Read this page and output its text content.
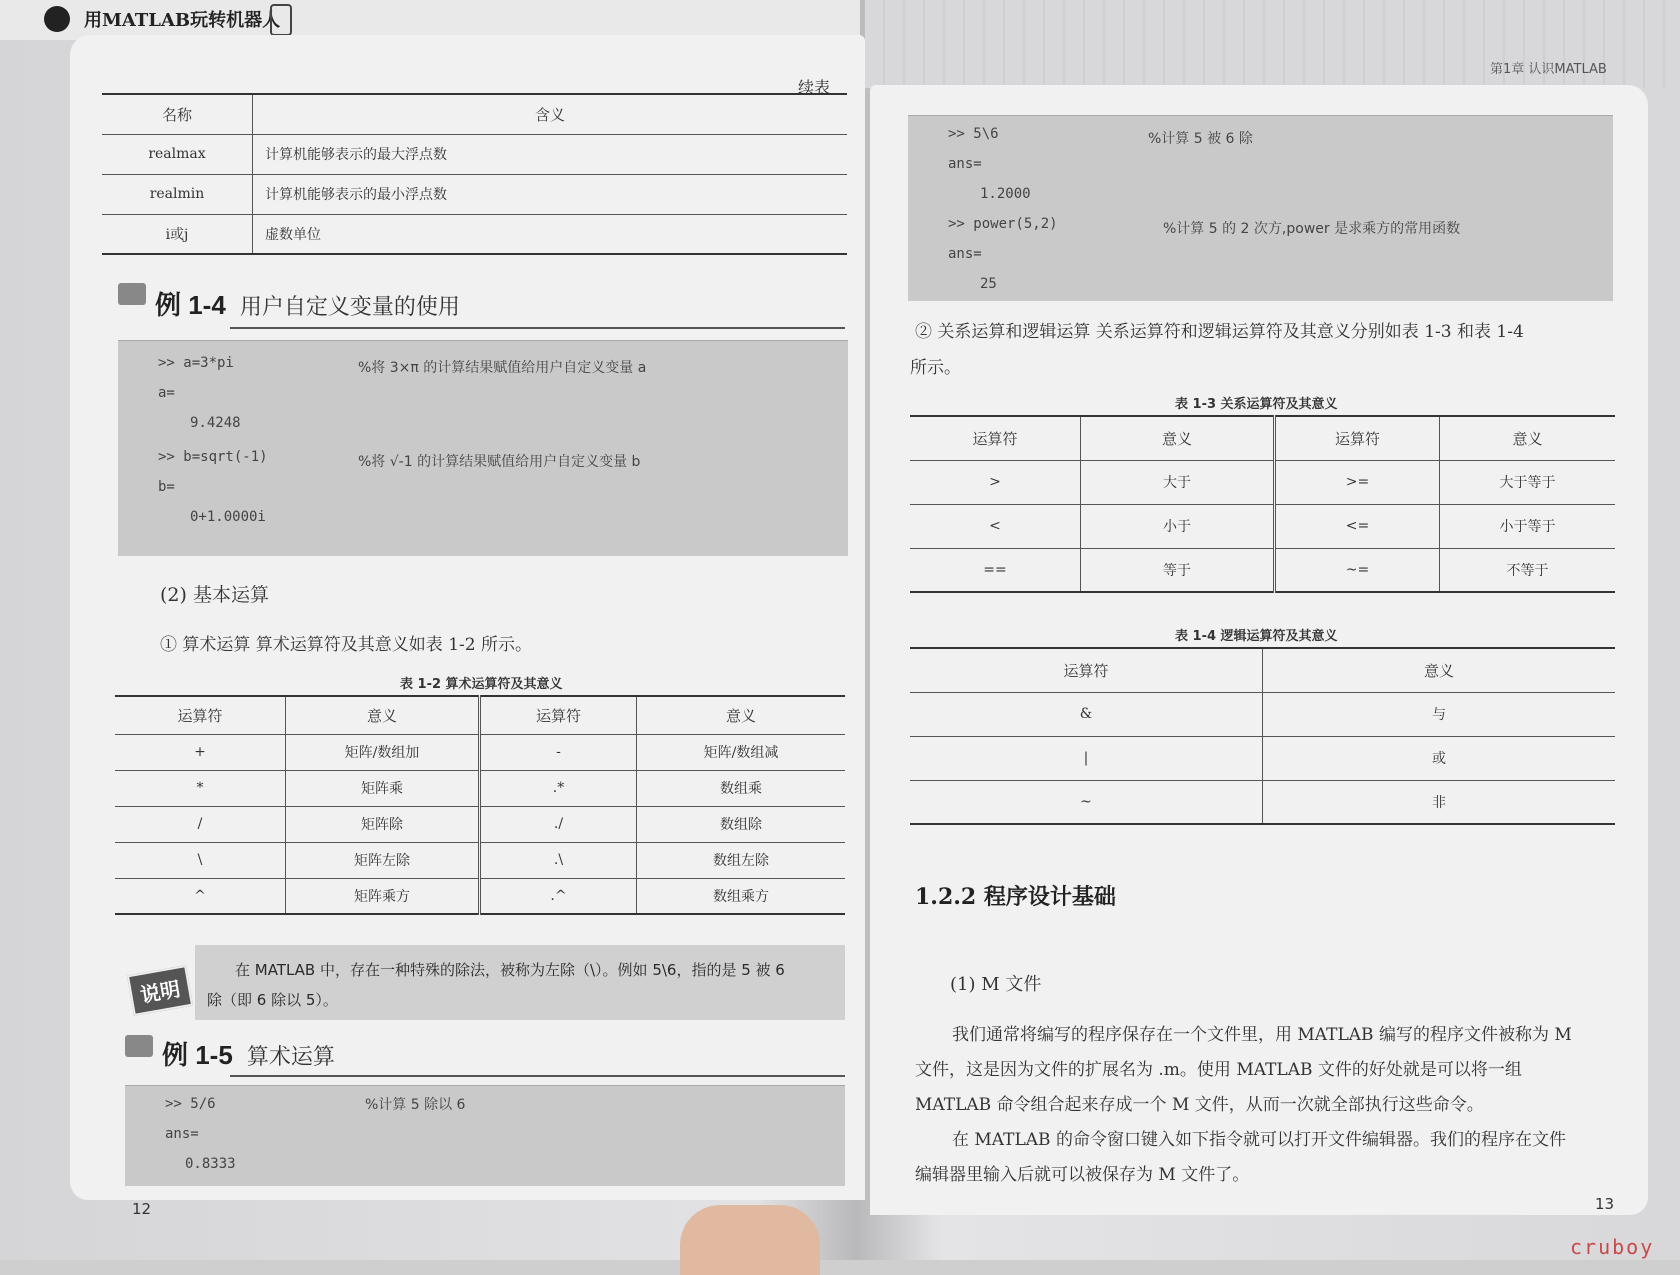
用MATLAB玩转机器人
第1章 认识MATLAB
续表
名称	含义
realmax	计算机能够表示的最大浮点数
realmin	计算机能够表示的最小浮点数
i或j	虚数单位
例 1-4 用户自定义变量的使用
>> a=3*pi	%将 3×π 的计算结果赋值给用户自定义变量 a
a=
9.4248
>> b=sqrt(-1)	%将 √-1 的计算结果赋值给用户自定义变量 b
b=
0+1.0000i
(2) 基本运算
① 算术运算 算术运算符及其意义如表 1-2 所示。
表 1-2 算术运算符及其意义
运算符	意义	运算符	意义
+	矩阵/数组加	-	矩阵/数组减
*	矩阵乘	.*	数组乘
/	矩阵除	./	数组除
\	矩阵左除	.\	数组左除
^	矩阵乘方	.^	数组乘方
在 MATLAB 中，存在一种特殊的除法，被称为左除（\）。例如 5\6，指的是 5 被 6
除（即 6 除以 5）。
说明
例 1-5 算术运算
>> 5/6	%计算 5 除以 6
ans=
0.8333
12
>> 5\6	%计算 5 被 6 除
ans=
1.2000
>> power(5,2)	%计算 5 的 2 次方,power 是求乘方的常用函数
ans=
25
② 关系运算和逻辑运算 关系运算符和逻辑运算符及其意义分别如表 1-3 和表 1-4
所示。
表 1-3 关系运算符及其意义
运算符	意义	运算符	意义
>	大于	>=	大于等于
<	小于	<=	小于等于
==	等于	~=	不等于
表 1-4 逻辑运算符及其意义
运算符	意义
&	与
|	或
~	非
1.2.2 程序设计基础
(1) M 文件
我们通常将编写的程序保存在一个文件里，用 MATLAB 编写的程序文件被称为 M
文件，这是因为文件的扩展名为 .m。使用 MATLAB 文件的好处就是可以将一组
MATLAB 命令组合起来存成一个 M 文件，从而一次就全部执行这些命令。
在 MATLAB 的命令窗口键入如下指令就可以打开文件编辑器。我们的程序在文件
编辑器里输入后就可以被保存为 M 文件了。
13
cruboy
